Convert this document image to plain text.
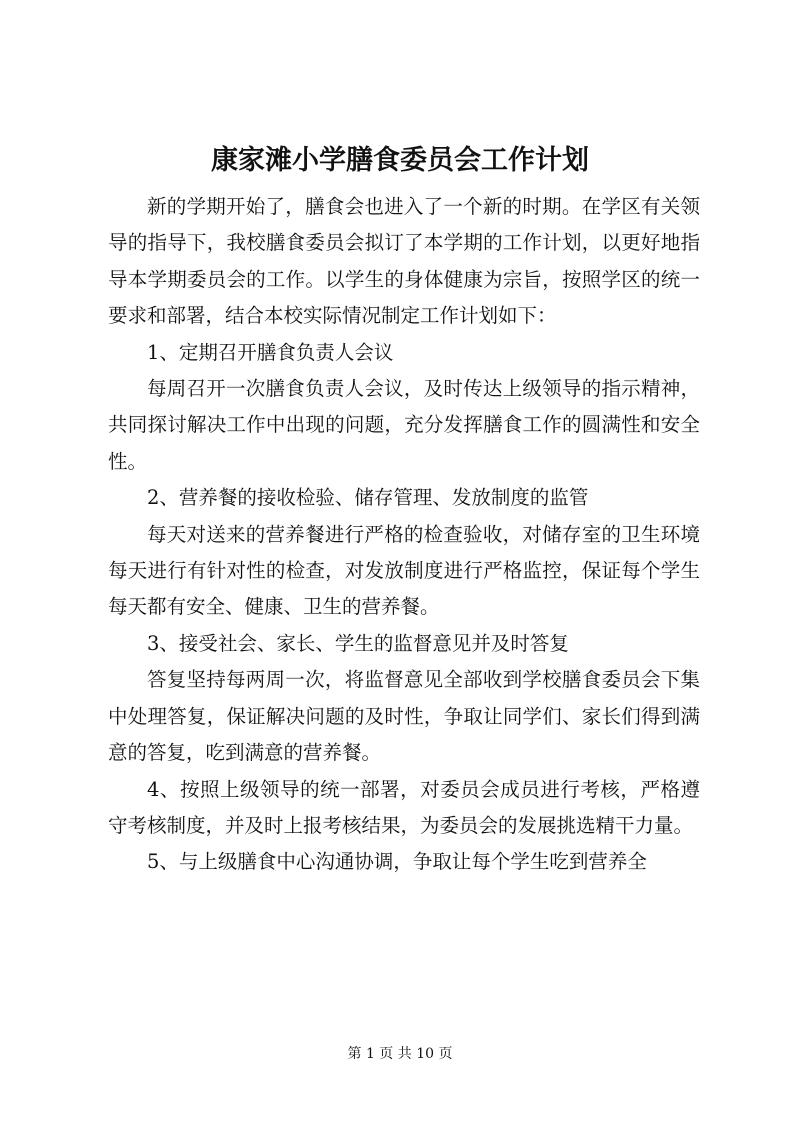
康家滩小学膳食委员会工作计划

新的学期开始了，膳食会也进入了一个新的时期。在学区有关领导的指导下，我校膳食委员会拟订了本学期的工作计划，以更好地指导本学期委员会的工作。以学生的身体健康为宗旨，按照学区的统一要求和部署，结合本校实际情况制定工作计划如下：

1、定期召开膳食负责人会议

每周召开一次膳食负责人会议，及时传达上级领导的指示精神，共同探讨解决工作中出现的问题，充分发挥膳食工作的圆满性和安全性。

2、营养餐的接收检验、储存管理、发放制度的监管

每天对送来的营养餐进行严格的检查验收，对储存室的卫生环境每天进行有针对性的检查，对发放制度进行严格监控，保证每个学生每天都有安全、健康、卫生的营养餐。

3、接受社会、家长、学生的监督意见并及时答复

答复坚持每两周一次，将监督意见全部收到学校膳食委员会下集中处理答复，保证解决问题的及时性，争取让同学们、家长们得到满意的答复，吃到满意的营养餐。

4、按照上级领导的统一部署，对委员会成员进行考核，严格遵守考核制度，并及时上报考核结果，为委员会的发展挑选精干力量。

5、与上级膳食中心沟通协调，争取让每个学生吃到营养全

第 1 页 共 10 页
